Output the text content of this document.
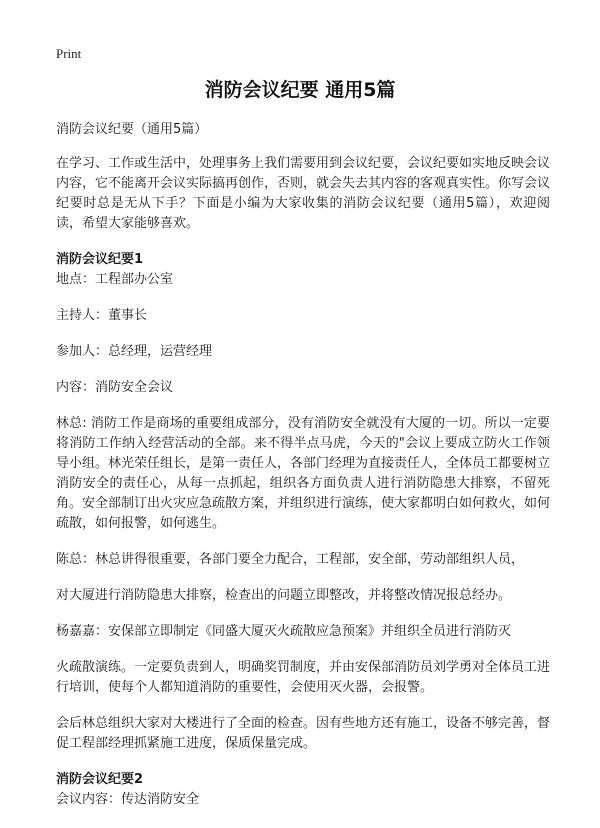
Print
消防会议纪要 通用5篇

消防会议纪要（通用5篇）

在学习、工作或生活中，处理事务上我们需要用到会议纪要，会议纪要如实地反映会议内容，它不能离开会议实际搞再创作，否则，就会失去其内容的客观真实性。你写会议纪要时总是无从下手？下面是小编为大家收集的消防会议纪要（通用5篇），欢迎阅读，希望大家能够喜欢。

消防会议纪要1

地点：工程部办公室

主持人：董事长

参加人：总经理，运营经理

内容：消防安全会议

林总: 消防工作是商场的重要组成部分，没有消防安全就没有大厦的一切。所以一定要将消防工作纳入经营活动的全部。来不得半点马虎，今天的"会议上要成立防火工作领导小组。林光荣任组长，是第一责任人，各部门经理为直接责任人，全体员工都要树立消防安全的责任心，从每一点抓起，组织各方面负责人进行消防隐患大排察，不留死角。安全部制订出火灾应急疏散方案，并组织进行演练，使大家都明白如何救火，如何疏散，如何报警，如何逃生。

陈总：林总讲得很重要，各部门要全力配合，工程部，安全部，劳动部组织人员，

对大厦进行消防隐患大排察，检查出的问题立即整改，并将整改情况报总经办。

杨嘉嘉：安保部立即制定《同盛大厦灭火疏散应急预案》并组织全员进行消防灭

火疏散演练。一定要负责到人，明确奖罚制度，并由安保部消防员刘学勇对全体员工进行培训，使每个人都知道消防的重要性，会使用灭火器，会报警。

会后林总组织大家对大楼进行了全面的检查。因有些地方还有施工，设备不够完善，督促工程部经理抓紧施工进度，保质保量完成。

消防会议纪要2

会议内容：传达消防安全
